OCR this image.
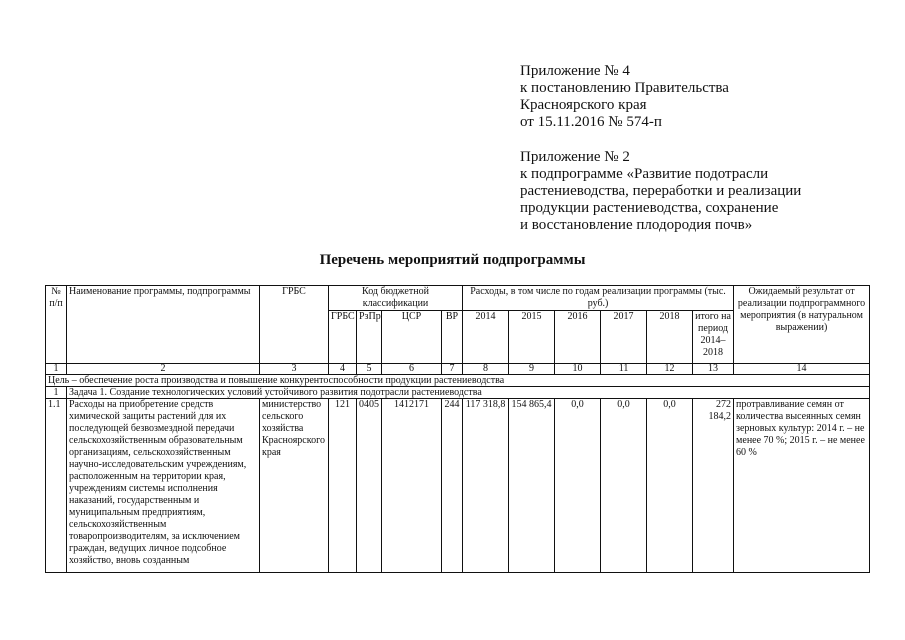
Приложение № 4
к постановлению Правительства
Красноярского края
от 15.11.2016 № 574-п
Приложение № 2
к подпрограмме «Развитие подотрасли
растениеводства, переработки и реализации
продукции растениеводства, сохранение
и восстановление плодородия почв»
Перечень мероприятий подпрограммы
№ п/п	Наименование программы, подпрограммы	ГРБС	Код бюджетной классификации				Расходы, в том числе по годам реализации программы (тыс. руб.)						Ожидаемый результат от реализации подпрограммного мероприятия (в натуральном выражении)
			ГРБС	РзПр	ЦСР	ВР	2014	2015	2016	2017	2018	итого на период 2014–2018	
1	2	3	4	5	6	7	8	9	10	11	12	13	14
Цель – обеспечение роста производства и повышение конкурентоспособности продукции растениеводства													
1	Задача 1. Создание технологических условий устойчивого развития подотрасли растениеводства												
1.1	Расходы на приобретение средств химической защиты растений для их последующей безвозмездной передачи сельскохозяйственным образовательным организациям, сельскохозяйственным научно-исследовательским учреждениям, расположенным на территории края, учреждениям системы исполнения наказаний, государственным и муниципальным предприятиям, сельскохозяйственным товаропроизводителям, за исключением граждан, ведущих личное подсобное хозяйство, вновь созданным	министерство сельского хозяйства Красноярского края	121	0405	1412171	244	117 318,8	154 865,4	0,0	0,0	0,0	272 184,2	протравливание семян от количества высеянных семян зерновых культур: 2014 г. – не менее 70 %; 2015 г. – не менее 60 %
